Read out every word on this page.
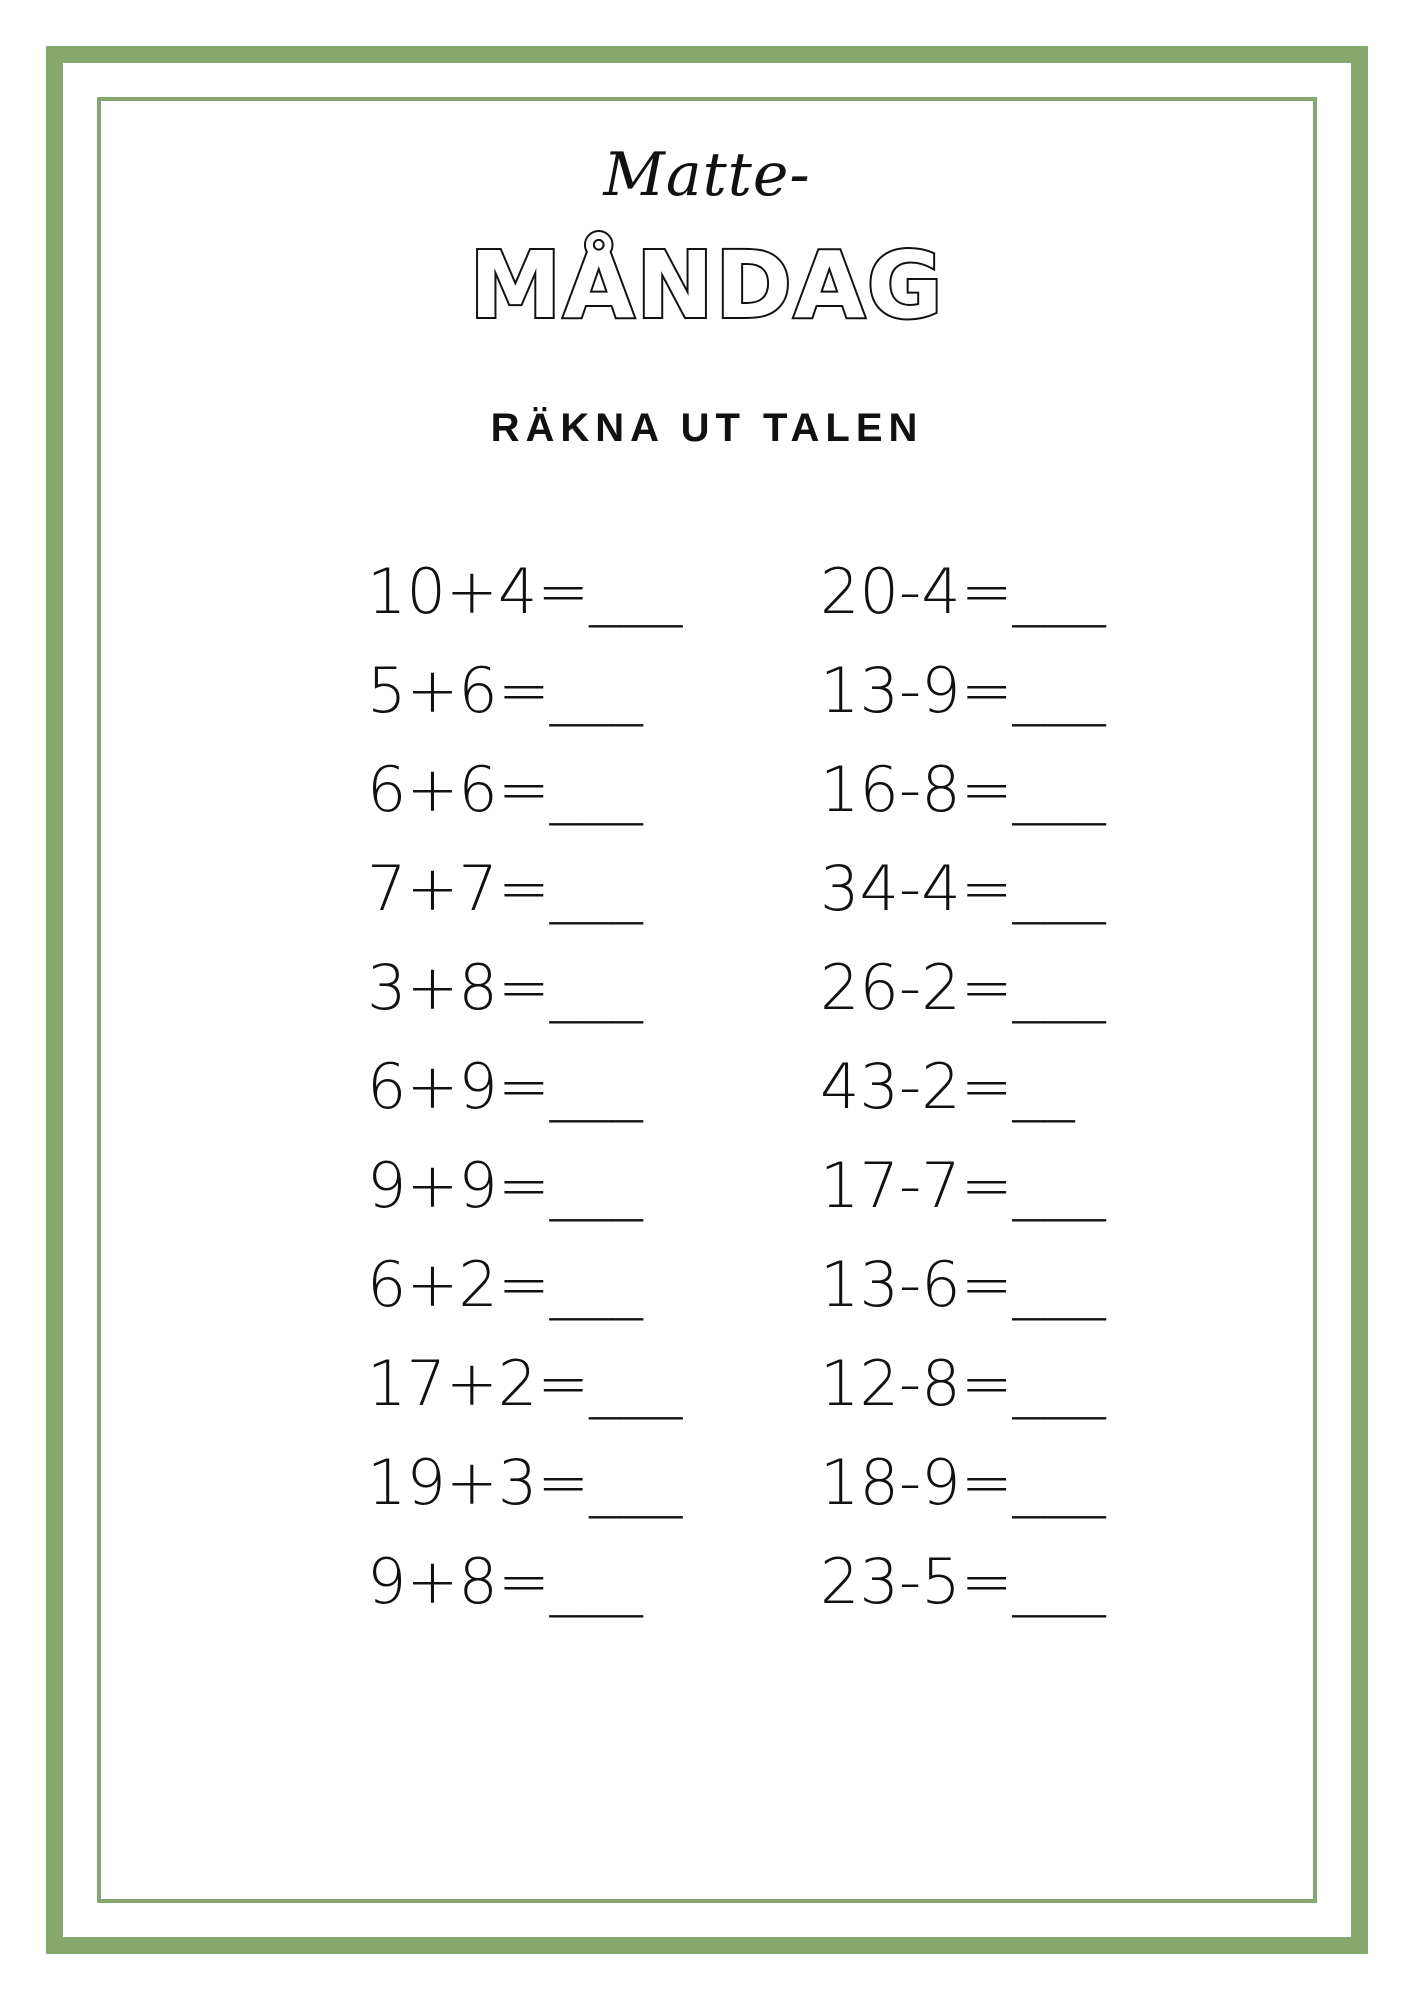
Matte-
MÅNDAG
RÄKNA UT TALEN
10+4=___
5+6=___
6+6=___
7+7=___
3+8=___
6+9=___
9+9=___
6+2=___
17+2=___
19+3=___
9+8=___
20-4=___
13-9=___
16-8=___
34-4=___
26-2=___
43-2=__
17-7=___
13-6=___
12-8=___
18-9=___
23-5=___
